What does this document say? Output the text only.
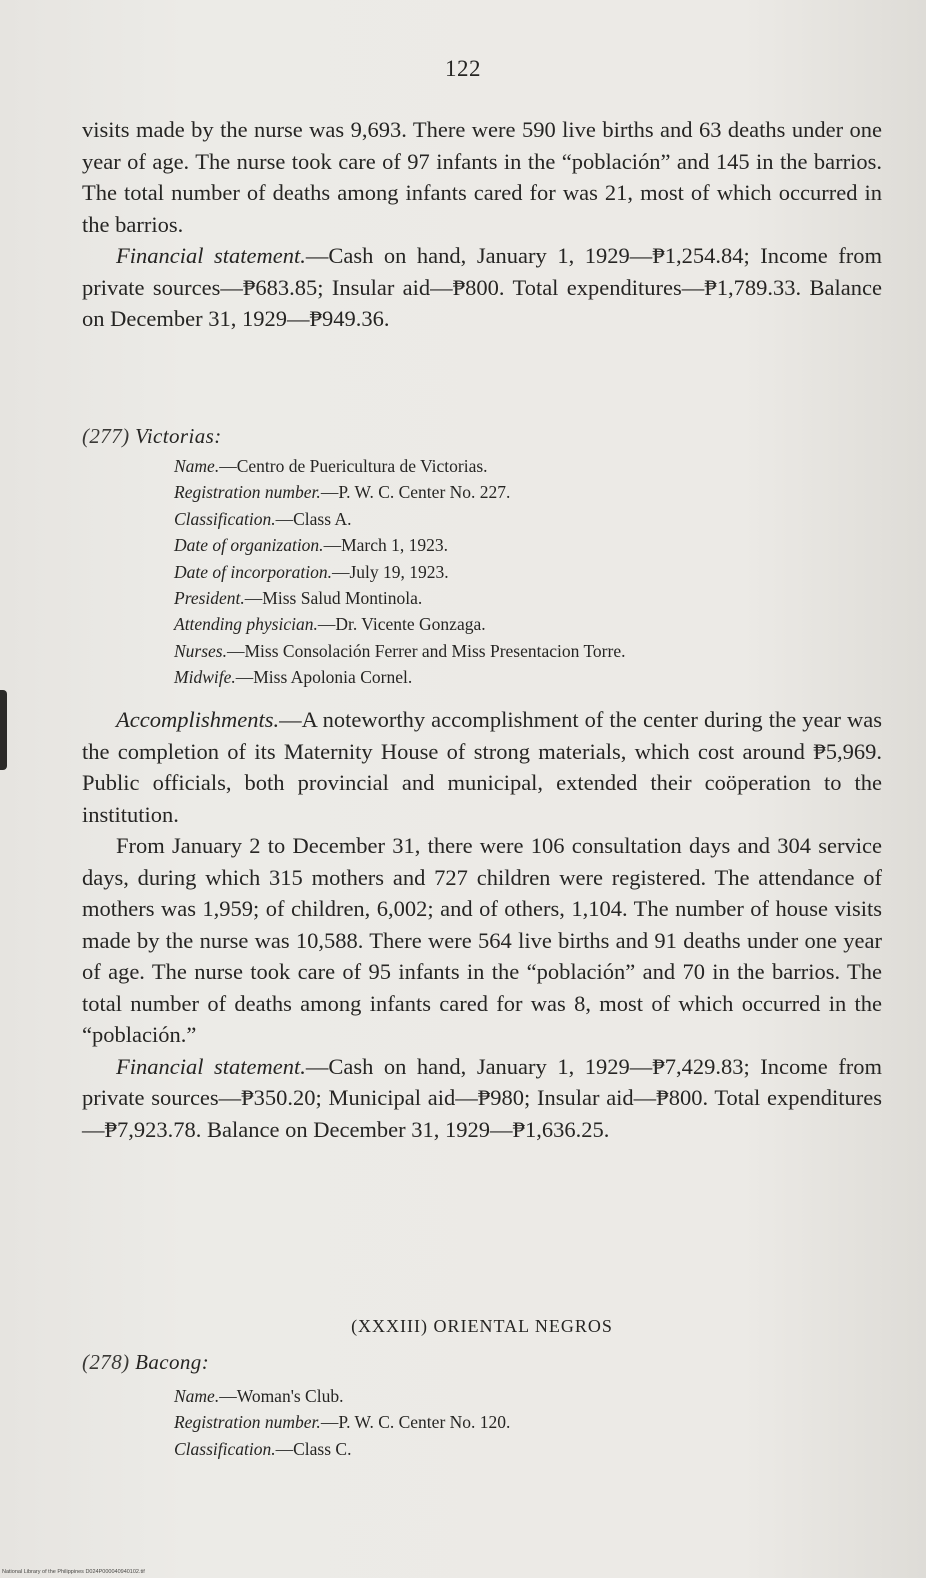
122

visits made by the nurse was 9,693. There were 590 live births and 63 deaths under one year of age. The nurse took care of 97 infants in the “población” and 145 in the barrios. The total number of deaths among infants cared for was 21, most of which occurred in the barrios.

Financial statement.—Cash on hand, January 1, 1929—₱1,254.84; Income from private sources—₱683.85; Insular aid—₱800. Total expenditures—₱1,789.33. Balance on December 31, 1929—₱949.36.

(277) Victorias:

Name.—Centro de Puericultura de Victorias.
Registration number.—P. W. C. Center No. 227.
Classification.—Class A.
Date of organization.—March 1, 1923.
Date of incorporation.—July 19, 1923.
President.—Miss Salud Montinola.
Attending physician.—Dr. Vicente Gonzaga.
Nurses.—Miss Consolación Ferrer and Miss Presentacion Torre.
Midwife.—Miss Apolonia Cornel.

Accomplishments.—A noteworthy accomplishment of the center during the year was the completion of its Maternity House of strong materials, which cost around ₱5,969. Public officials, both provincial and municipal, extended their coöperation to the institution.

From January 2 to December 31, there were 106 consultation days and 304 service days, during which 315 mothers and 727 children were registered. The attendance of mothers was 1,959; of children, 6,002; and of others, 1,104. The number of house visits made by the nurse was 10,588. There were 564 live births and 91 deaths under one year of age. The nurse took care of 95 infants in the “población” and 70 in the barrios. The total number of deaths among infants cared for was 8, most of which occurred in the “población.”

Financial statement.—Cash on hand, January 1, 1929—₱7,429.83; Income from private sources—₱350.20; Municipal aid—₱980; Insular aid—₱800. Total expenditures—₱7,923.78. Balance on December 31, 1929—₱1,636.25.

(XXXIII) ORIENTAL NEGROS

(278) Bacong:

Name.—Woman's Club.
Registration number.—P. W. C. Center No. 120.
Classification.—Class C.
National Library of the Philippines D024P000040940102.tif
